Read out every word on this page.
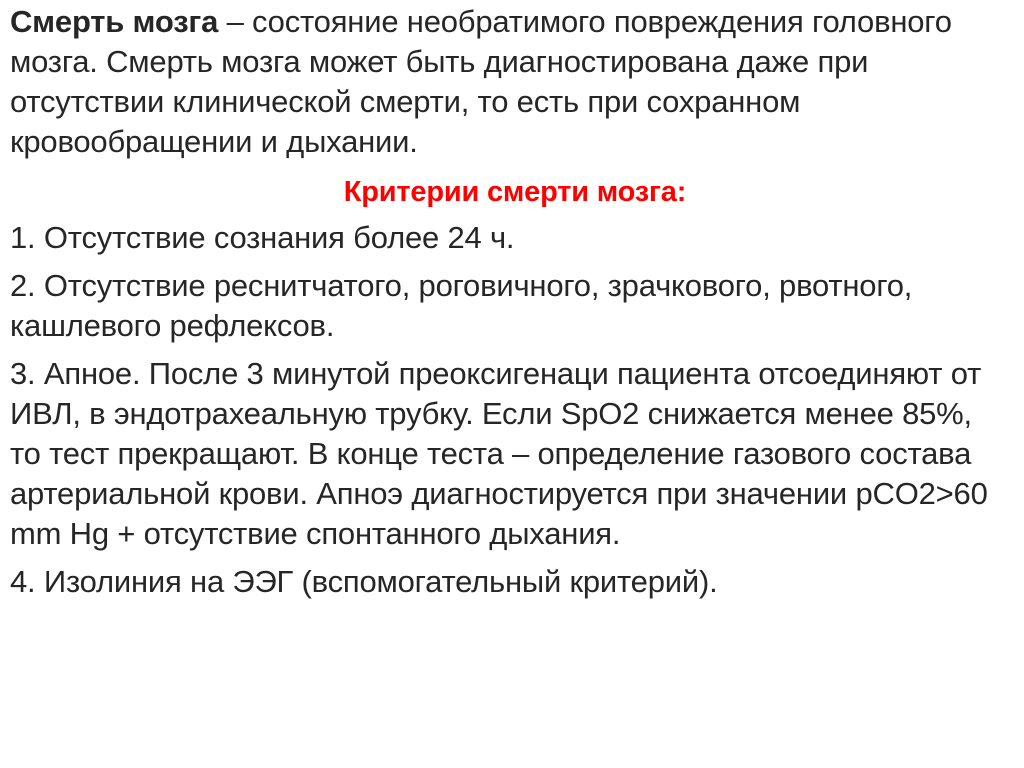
Смерть мозга – состояние необратимого повреждения головного мозга. Смерть мозга может быть диагностирована даже при отсутствии клинической смерти, то есть при сохранном кровообращении и дыхании.

Критерии смерти мозга:

1. Отсутствие сознания более 24 ч.

2. Отсутствие реснитчатого, роговичного, зрачкового, рвотного, кашлевого рефлексов.

3. Апное. После 3 минутой преоксигенаци пациента отсоединяют от ИВЛ, в эндотрахеальную трубку. Если SpO2 снижается менее 85%, то тест прекращают. В конце теста – определение газового состава артериальной крови. Апноэ диагностируется при значении pCO2>60 mm Hg + отсутствие спонтанного дыхания.

4. Изолиния на ЭЭГ (вспомогательный критерий).
